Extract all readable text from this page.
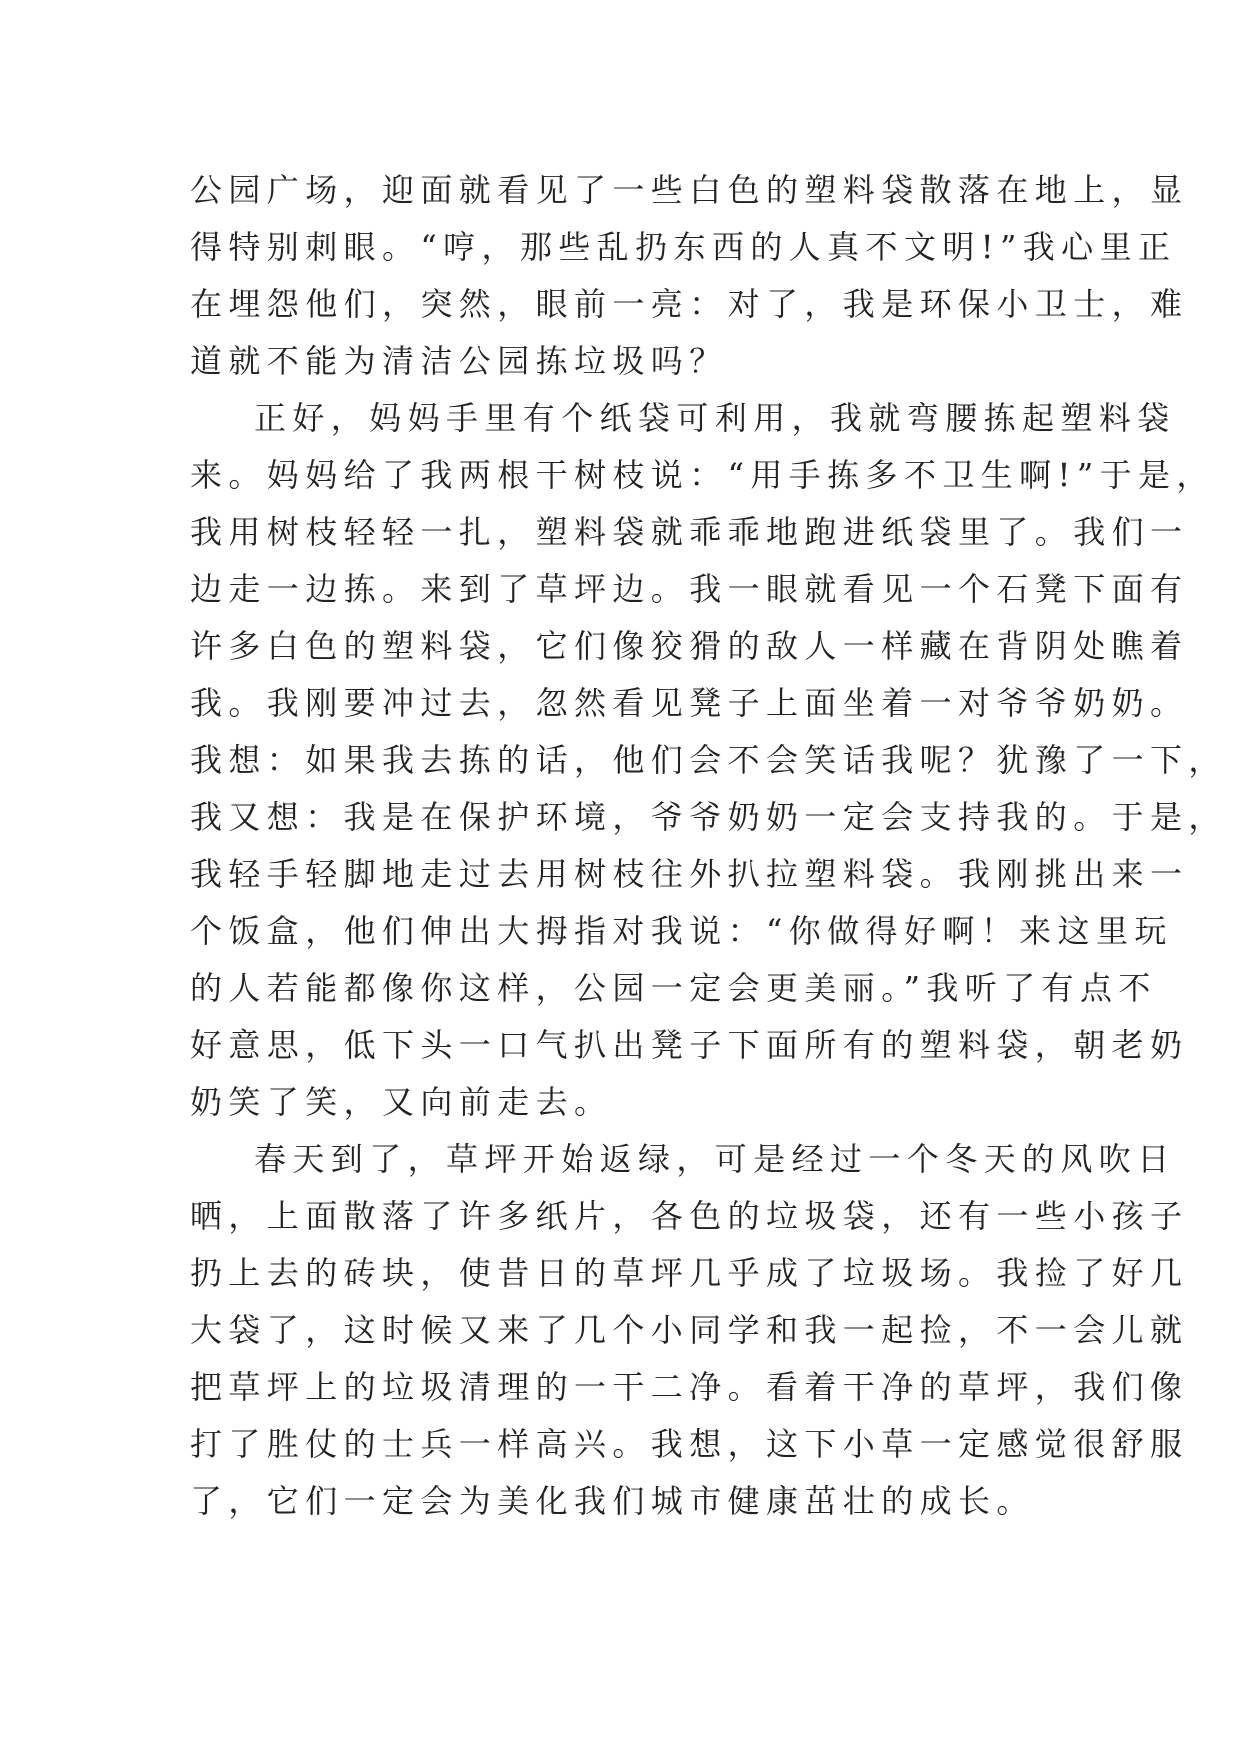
公园广场，迎面就看见了一些白色的塑料袋散落在地上，显
得特别刺眼。“哼，那些乱扔东西的人真不文明!”我心里正
在埋怨他们，突然，眼前一亮：对了，我是环保小卫士，难
道就不能为清洁公园拣垃圾吗？
正好，妈妈手里有个纸袋可利用，我就弯腰拣起塑料袋
来。妈妈给了我两根干树枝说：“用手拣多不卫生啊!”于是，
我用树枝轻轻一扎，塑料袋就乖乖地跑进纸袋里了。我们一
边走一边拣。来到了草坪边。我一眼就看见一个石凳下面有
许多白色的塑料袋，它们像狡猾的敌人一样藏在背阴处瞧着
我。我刚要冲过去，忽然看见凳子上面坐着一对爷爷奶奶。
我想：如果我去拣的话，他们会不会笑话我呢？犹豫了一下，
我又想：我是在保护环境，爷爷奶奶一定会支持我的。于是，
我轻手轻脚地走过去用树枝往外扒拉塑料袋。我刚挑出来一
个饭盒，他们伸出大拇指对我说：“你做得好啊！来这里玩
的人若能都像你这样，公园一定会更美丽。”我听了有点不
好意思，低下头一口气扒出凳子下面所有的塑料袋，朝老奶
奶笑了笑，又向前走去。
春天到了，草坪开始返绿，可是经过一个冬天的风吹日
晒，上面散落了许多纸片，各色的垃圾袋，还有一些小孩子
扔上去的砖块，使昔日的草坪几乎成了垃圾场。我捡了好几
大袋了，这时候又来了几个小同学和我一起捡，不一会儿就
把草坪上的垃圾清理的一干二净。看着干净的草坪，我们像
打了胜仗的士兵一样高兴。我想，这下小草一定感觉很舒服
了，它们一定会为美化我们城市健康茁壮的成长。
